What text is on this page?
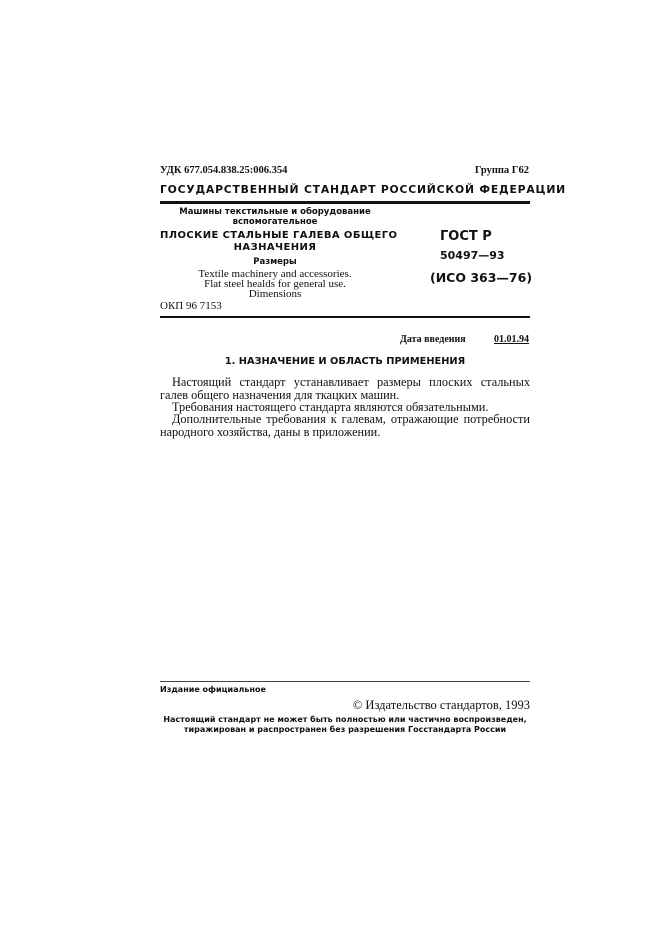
УДК 677.054.838.25:006.354	Группа Г62
ГОСУДАРСТВЕННЫЙ СТАНДАРТ РОССИЙСКОЙ ФЕДЕРАЦИИ
Машины текстильные и оборудование
вспомогательное
ПЛОСКИЕ СТАЛЬНЫЕ ГАЛЕВА ОБЩЕГО
НАЗНАЧЕНИЯ
Размеры
Textile machinery and accessories.
Flat steel healds for general use.
Dimensions
ОКП 96 7153
ГОСТ Р
50497—93
(ИСО 363—76)
Дата введения	01.01.94
1. НАЗНАЧЕНИЕ И ОБЛАСТЬ ПРИМЕНЕНИЯ
Настоящий стандарт устанавливает размеры плоских стальных галев общего назначения для ткацких машин.
Требования настоящего стандарта являются обязательными.
Дополнительные требования к галевам, отражающие потребности народного хозяйства, даны в приложении.
Издание официальное
© Издательство стандартов, 1993
Настоящий стандарт не может быть полностью или частично воспроизведен,
тиражирован и распространен без разрешения Госстандарта России
